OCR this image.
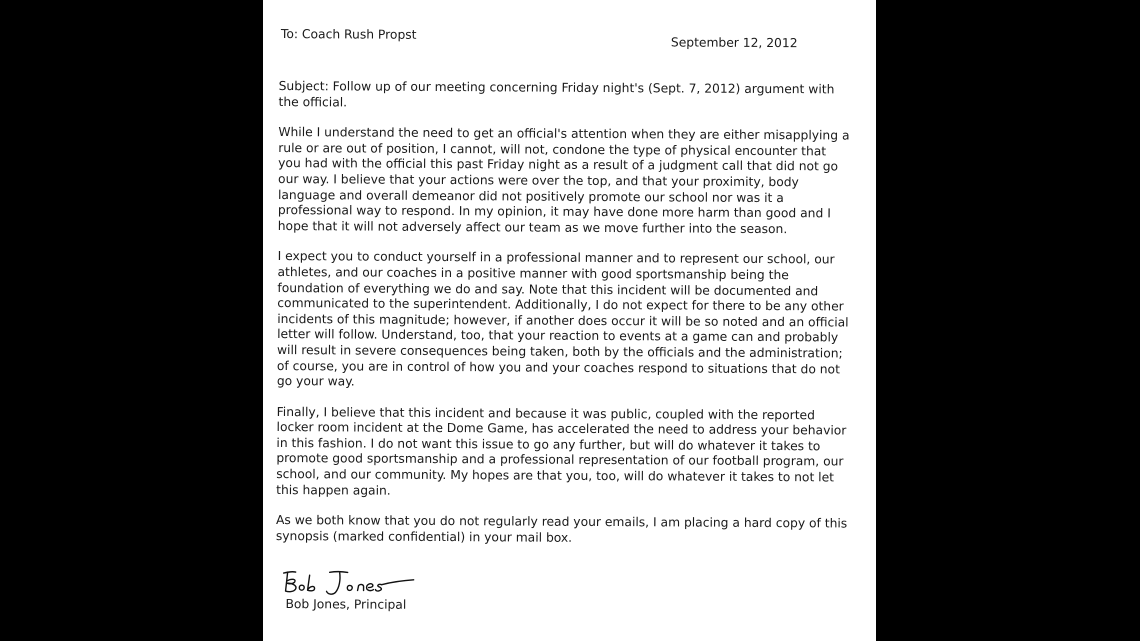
To: Coach Rush Propst
September 12, 2012

Subject: Follow up of our meeting concerning Friday night's (Sept. 7, 2012) argument with the official.

While I understand the need to get an official's attention when they are either misapplying a rule or are out of position, I cannot, will not, condone the type of physical encounter that you had with the official this past Friday night as a result of a judgment call that did not go our way. I believe that your actions were over the top, and that your proximity, body language and overall demeanor did not positively promote our school nor was it a professional way to respond. In my opinion, it may have done more harm than good and I hope that it will not adversely affect our team as we move further into the season.

I expect you to conduct yourself in a professional manner and to represent our school, our athletes, and our coaches in a positive manner with good sportsmanship being the foundation of everything we do and say. Note that this incident will be documented and communicated to the superintendent. Additionally, I do not expect for there to be any other incidents of this magnitude; however, if another does occur it will be so noted and an official letter will follow. Understand, too, that your reaction to events at a game can and probably will result in severe consequences being taken, both by the officials and the administration; of course, you are in control of how you and your coaches respond to situations that do not go your way.

Finally, I believe that this incident and because it was public, coupled with the reported locker room incident at the Dome Game, has accelerated the need to address your behavior in this fashion. I do not want this issue to go any further, but will do whatever it takes to promote good sportsmanship and a professional representation of our football program, our school, and our community. My hopes are that you, too, will do whatever it takes to not let this happen again.

As we both know that you do not regularly read your emails, I am placing a hard copy of this synopsis (marked confidential) in your mail box.

Bob Jones, Principal
